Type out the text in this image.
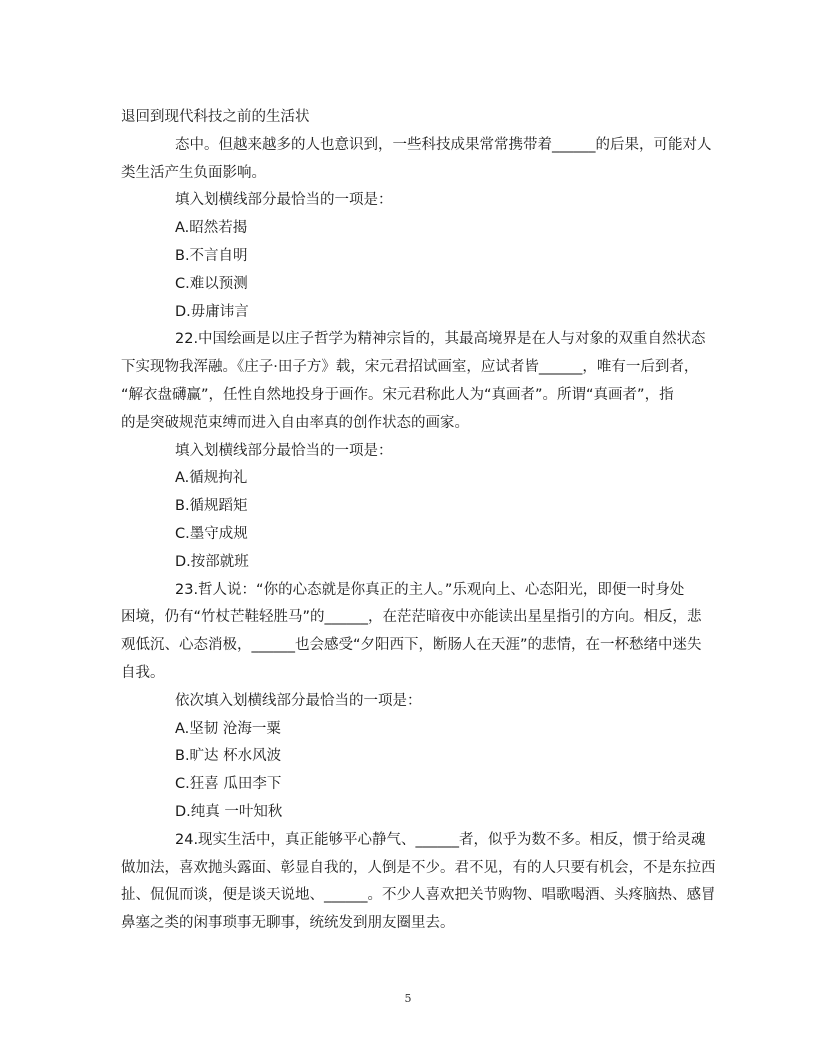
退回到现代科技之前的生活状

态中。但越来越多的人也意识到，一些科技成果常常携带着______的后果，可能对人

类生活产生负面影响。

填入划横线部分最恰当的一项是：

A.昭然若揭

B.不言自明

C.难以预测

D.毋庸讳言

22.中国绘画是以庄子哲学为精神宗旨的，其最高境界是在人与对象的双重自然状态

下实现物我浑融。《庄子·田子方》载，宋元君招试画室，应试者皆______，唯有一后到者，

“解衣盘礴赢”，任性自然地投身于画作。宋元君称此人为“真画者”。所谓“真画者”，指

的是突破规范束缚而进入自由率真的创作状态的画家。

填入划横线部分最恰当的一项是：

A.循规拘礼

B.循规蹈矩

C.墨守成规

D.按部就班

23.哲人说：“你的心态就是你真正的主人。”乐观向上、心态阳光，即便一时身处

困境，仍有“竹杖芒鞋轻胜马”的______，在茫茫暗夜中亦能读出星星指引的方向。相反，悲

观低沉、心态消极，______也会感受“夕阳西下，断肠人在天涯”的悲情，在一杯愁绪中迷失

自我。

依次填入划横线部分最恰当的一项是：

A.坚韧 沧海一粟

B.旷达 杯水风波

C.狂喜 瓜田李下

D.纯真 一叶知秋

24.现实生活中，真正能够平心静气、______者，似乎为数不多。相反，惯于给灵魂

做加法，喜欢抛头露面、彰显自我的，人倒是不少。君不见，有的人只要有机会，不是东拉西

扯、侃侃而谈，便是谈天说地、______。不少人喜欢把关节购物、唱歌喝酒、头疼脑热、感冒

鼻塞之类的闲事琐事无聊事，统统发到朋友圈里去。

5
